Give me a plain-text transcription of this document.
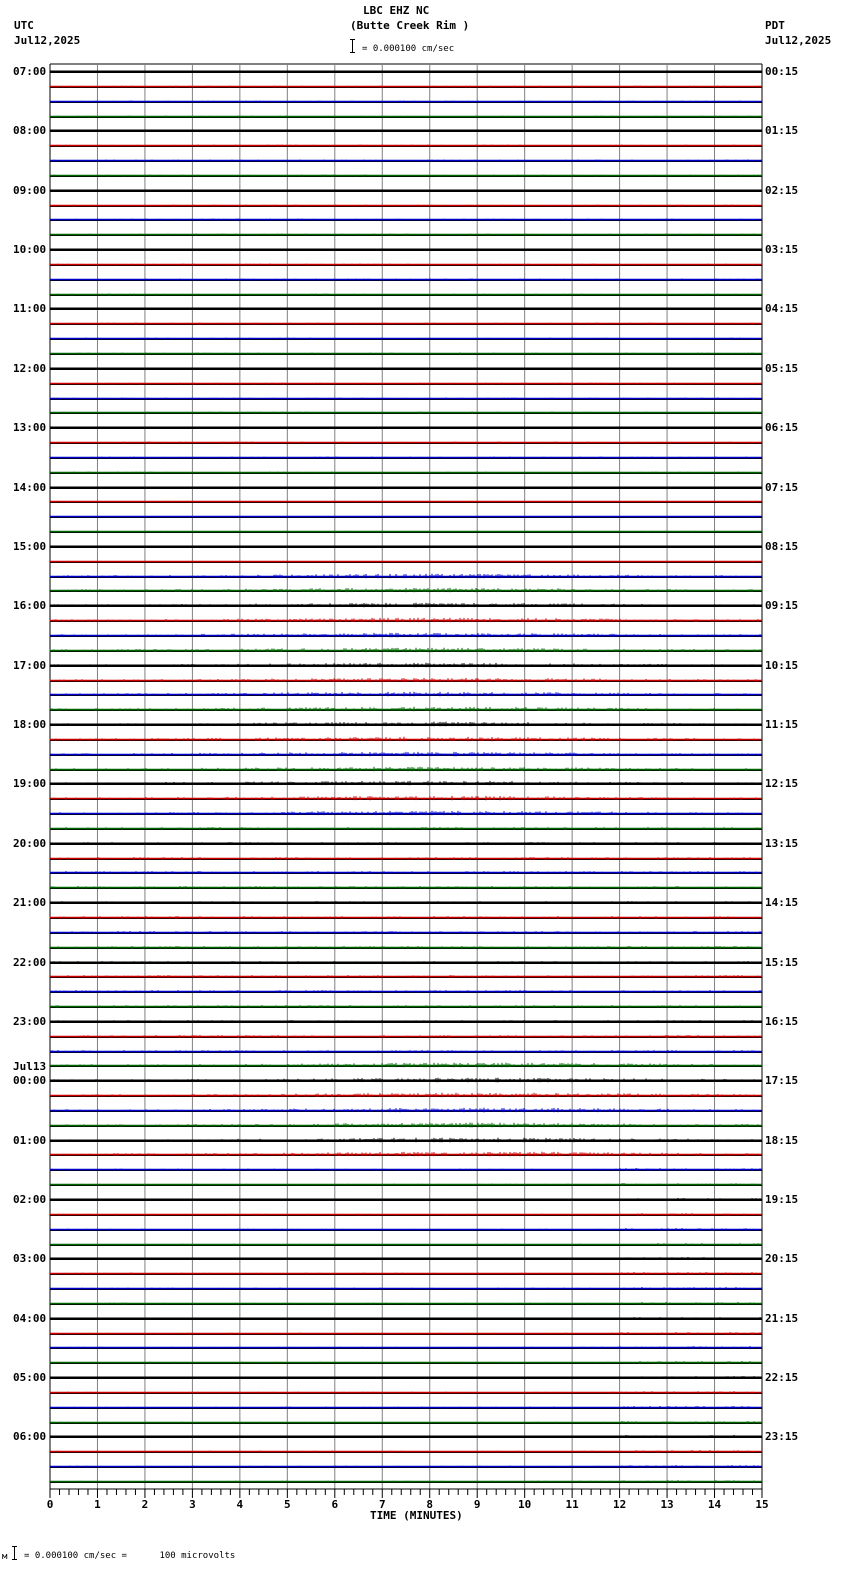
LBC EHZ NC
(Butte Creek Rim )
= 0.000100 cm/sec
UTC
Jul12,2025
PDT
Jul12,2025
07:00
08:00
09:00
10:00
11:00
12:00
13:00
14:00
15:00
16:00
17:00
18:00
19:00
20:00
21:00
22:00
23:00
00:00
Jul13
01:00
02:00
03:00
04:00
05:00
06:00
00:15
01:15
02:15
03:15
04:15
05:15
06:15
07:15
08:15
09:15
10:15
11:15
12:15
13:15
14:15
15:15
16:15
17:15
18:15
19:15
20:15
21:15
22:15
23:15
0	1	2	3	4	5	6	7	8	9	10	11	12	13	14	15
TIME (MINUTES)
м = 0.000100 cm/sec =      100 microvolts
